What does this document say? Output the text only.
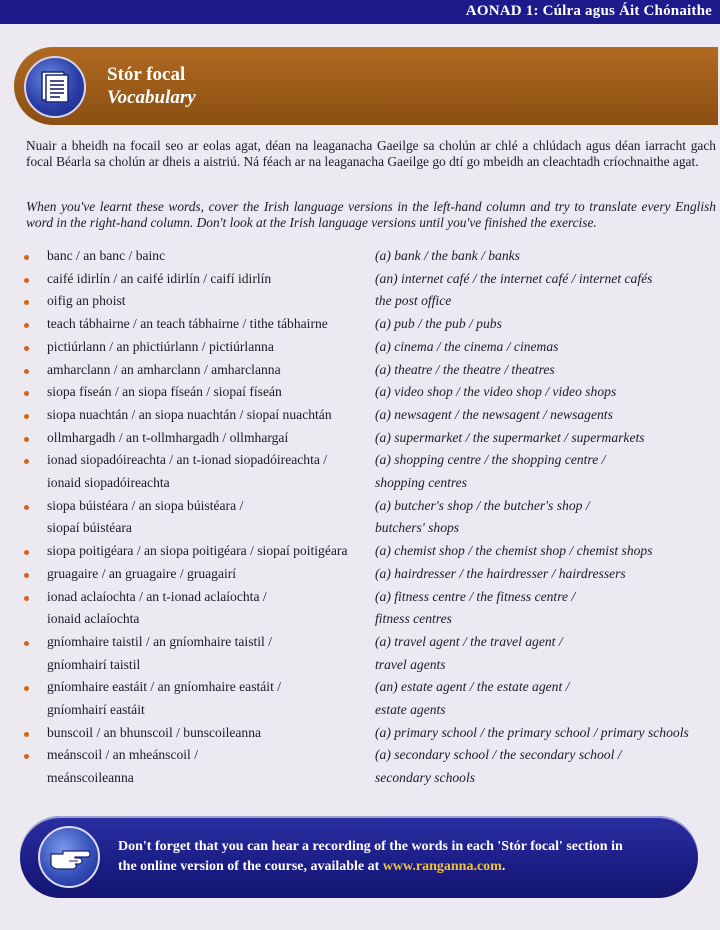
AONAD 1: Cúlra agus Áit Chónaithe
Stór focal
Vocabulary
Nuair a bheidh na focail seo ar eolas agat, déan na leaganacha Gaeilge sa cholún ar chlé a chlúdach agus déan iarracht gach focal Béarla sa cholún ar dheis a aistriú. Ná féach ar na leaganacha Gaeilge go dtí go mbeidh an cleachtadh críochnaithe agat.
When you've learnt these words, cover the Irish language versions in the left-hand column and try to translate every English word in the right-hand column. Don't look at the Irish language versions until you've finished the exercise.
banc / an banc / bainc	(a) bank / the bank / banks
caifé idirlín / an caifé idirlín / caifí idirlín	(an) internet café / the internet café / internet cafés
oifig an phoist	the post office
teach tábhairne / an teach tábhairne / tithe tábhairne	(a) pub / the pub / pubs
pictiúrlann / an phictiúrlann / pictiúrlanna	(a) cinema / the cinema / cinemas
amharclann / an amharclann / amharclanna	(a) theatre / the theatre / theatres
siopa físeán / an siopa físeán / siopaí físeán	(a) video shop / the video shop / video shops
siopa nuachtán / an siopa nuachtán / siopaí nuachtán	(a) newsagent / the newsagent / newsagents
ollmhargadh / an t-ollmhargadh / ollmhargaí	(a) supermarket / the supermarket / supermarkets
ionad siopadóireachta / an t-ionad siopadóireachta /	(a) shopping centre / the shopping centre /
ionaid siopadóireachta	shopping centres
siopa búistéara / an siopa búistéara /	(a) butcher's shop / the butcher's shop /
siopaí búistéara	butchers' shops
siopa poitigéara / an siopa poitigéara / siopaí poitigéara (a) chemist shop / the chemist shop / chemist shops
gruagaire / an gruagaire / gruagairí	(a) hairdresser / the hairdresser / hairdressers
ionad aclaíochta / an t-ionad aclaíochta /	(a) fitness centre / the fitness centre /
ionaid aclaíochta	fitness centres
gníomhaire taistil / an gníomhaire taistil /	(a) travel agent / the travel agent /
gníomhairí taistil	travel agents
gníomhaire eastáit / an gníomhaire eastáit /	(an) estate agent / the estate agent /
gníomhairí eastáit	estate agents
bunscoil / an bhunscoil / bunscoileanna	(a) primary school / the primary school / primary schools
meánscoil / an mheánscoil /	(a) secondary school / the secondary school /
meánscoileanna	secondary schools
Don't forget that you can hear a recording of the words in each 'Stór focal' section in
the online version of the course, available at www.ranganna.com.
